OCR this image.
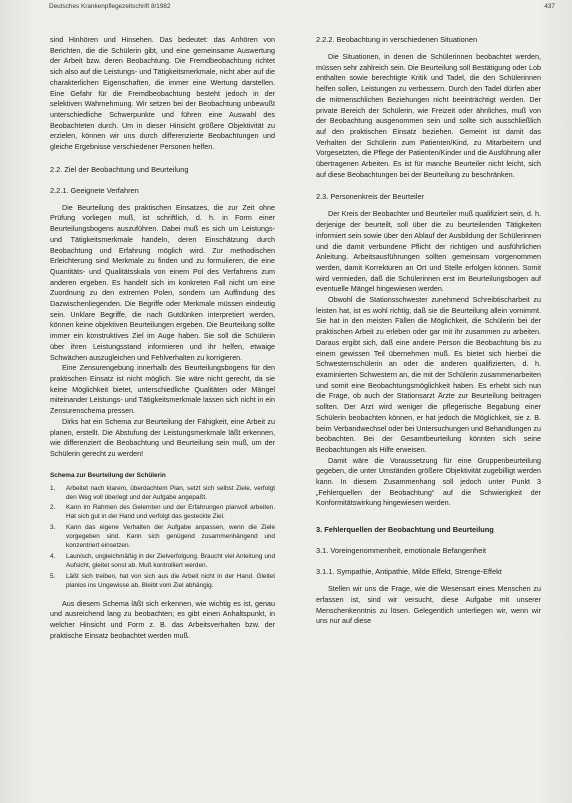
Deutsches Krankenpflegezeitschrift 8/1982	437

sind Hinhören und Hinsehen. Das bedeutet: das Anhören von Berichten, die die Schülerin gibt, und eine gemeinsame Auswertung der Arbeit bzw. deren Beobachtung. Die Fremdbeobachtung richtet sich also auf die Leistungs- und Tätigkeitsmerkmale, nicht aber auf die charakterlichen Eigenschaften, die immer eine Wertung darstellen. Eine Gefahr für die Fremdbeobachtung besteht jedoch in der selektiven Wahrnehmung. Wir setzen bei der Beobachtung unbewußt unterschiedliche Schwerpunkte und führen eine Auswahl des Beobachteten durch. Um in dieser Hinsicht größere Objektivität zu erzielen, können wir uns durch differenzierte Beobachtungen und gleiche Ergebnisse verschiedener Personen helfen.

2.2. Ziel der Beobachtung und Beurteilung
2.2.1. Geeignete Verfahren

Die Beurteilung des praktischen Einsatzes, die zur Zeit ohne Prüfung vorliegen muß, ist schriftlich, d. h. in Form einer Beurteilungsbogens auszuführen. Dabei muß es sich um Leistungs- und Tätigkeitsmerkmale handeln, deren Einschätzung durch Beobachtung und Erfahrung möglich wird. Zur methodischen Erleichterung sind Merkmale zu finden und zu formulieren, die eine Quantitäts- und Qualitätsskala von einem Pol des Verfahrens zum anderen ergeben. Es handelt sich im konkreten Fall nicht um eine Zuordnung zu den extremen Polen, sondern um Auffindung des Dazwischenliegenden. Die Begriffe oder Merkmale müssen eindeutig sein. Unklare Begriffe, die nach Gutdünken interpretiert werden, können keine objektiven Beurteilungen ergeben. Die Beurteilung sollte immer ein konstruktives Ziel im Auge haben. Sie soll die Schülerin über ihren Leistungsstand informieren und ihr helfen, etwaige Schwächen auszugleichen und Fehlverhalten zu korrigieren.

Eine Zensurengebung innerhalb des Beurteilungsbogens für den praktischen Einsatz ist nicht möglich. Sie wäre nicht gerecht, da sie keine Möglichkeit bietet, unterschiedliche Qualitäten oder Mängel miteinander Leistungs- und Tätigkeitsmerkmale lassen sich nicht in ein Zensurenschema pressen.

Dirks hat ein Schema zur Beurteilung der Fähigkeit, eine Arbeit zu planen, erstellt. Die Abstufung der Leistungsmerkmale läßt erkennen, wie differenziert die Beobachtung und Beurteilung sein muß, um der Schülerin gerecht zu werden!

Schema zur Beurteilung der Schülerin
1.	Arbeitet nach klarem, überdachtem Plan, setzt sich selbst Ziele, verfolgt den Weg voll überlegt und der Aufgabe angepaßt.
2.	Kann im Rahmen des Gelernten und der Erfahrungen planvoll arbeiten. Hat sich gut in der Hand und verfolgt das gesteckte Ziel.
3.	Kann das eigene Verhalten der Aufgabe anpassen, wenn die Ziele vorgegeben sind. Kann sich genügend zusammenhängend und konzentriert einsetzen.
4.	Launisch, ungleichmäßig in der Zielverfolgung. Braucht viel Anleitung und Aufsicht, gleitet sonst ab. Muß kontrolliert werden.
5.	Läßt sich treiben, hat von sich aus die Arbeit nicht in der Hand. Gleitet planlos ins Ungewisse ab. Bleibt vom Ziel abhängig.

Aus diesem Schema läßt sich erkennen, wie wichtig es ist, genau und ausreichend lang zu beobachten; es gibt einen Anhaltspunkt, in welcher Hinsicht und Form z. B. das Arbeitsverhalten bzw. der praktische Einsatz beobachtet werden muß.

2.2.2. Beobachtung in verschiedenen Situationen

Die Situationen, in denen die Schülerinnen beobachtet werden, müssen sehr zahlreich sein. Die Beurteilung soll Bestätigung oder Lob enthalten sowie berechtigte Kritik und Tadel, die den Schülerinnen helfen sollen, Leistungen zu verbessern. Durch den Tadel dürfen aber die mitmenschlichen Beziehungen nicht beeinträchtigt werden. Der private Bereich der Schülerin, wie Freizeit oder ähnliches, muß von der Beobachtung ausgenommen sein und sollte sich ausschließlich auf den praktischen Einsatz beziehen. Gemeint ist damit das Verhalten der Schülerin zum Patienten/Kind, zu Mitarbeitern und Vorgesetzten, die Pflege der Patienten/Kinder und die Ausführung aller übertragenen Arbeiten. Es ist für manche Beurteiler nicht leicht, sich auf diese Beobachtungen bei der Beurteilung zu beschränken.

2.3. Personenkreis der Beurteiler

Der Kreis der Beobachter und Beurteiler muß qualifiziert sein, d. h. derjenige der beurteilt, soll über die zu beurteilenden Tätigkeiten informiert sein sowie über den Ablauf der Ausbildung der Schülerinnen und die damit verbundene Pflicht der richtigen und ausführlichen Anleitung. Arbeitsausführungen sollten gemeinsam vorgenommen werden, damit Korrekturen an Ort und Stelle erfolgen können. Somit wird vermieden, daß die Schülerinnen erst im Beurteilungsbogen auf eventuelle Mängel hingewiesen werden.

Obwohl die Stationsschwester zunehmend Schreibtischarbeit zu leisten hat, ist es wohl richtig, daß sie die Beurteilung allein vornimmt. Sie hat in den meisten Fällen die Möglichkeit, die Schülerin bei der praktischen Arbeit zu erleben oder gar mit ihr zusammen zu arbeiten. Daraus ergibt sich, daß eine andere Person die Beobachtung bis zu einem gewissen Teil übernehmen muß. Es bietet sich hierbei die Schwesternschülerin an oder die anderen qualifizierten, d. h. examinierten Schwestern an, die mit der Schülerin zusammenarbeiten und somit eine Beobachtungsmöglichkeit haben. Es erhebt sich nun die Frage, ob auch der Stationsarzt Ärzte zur Beurteilung beitragen sollten. Der Arzt wird weniger die pflegerische Begabung einer Schülerin beobachten können, er hat jedoch die Möglichkeit, sie z. B. beim Verbandwechsel oder bei Untersuchungen und Behandlungen zu beobachten. Bei der Gesamtbeurteilung könnten sich seine Beobachtungen als Hilfe erweisen.

Damit wäre die Voraussetzung für eine Gruppenbeurteilung gegeben, die unter Umständen größere Objektivität zugebilligt werden kann. In diesem Zusammenhang soll jedoch unter Punkt 3 „Fehlerquellen der Beobachtung“ auf die Schwierigkeit der Konformitätswirkung hingewiesen werden.

3. Fehlerquellen der Beobachtung und Beurteilung
3.1. Voreingenommenheit, emotionale Befangenheit
3.1.1. Sympathie, Antipathie, Milde Effekt, Strenge-Effekt

Stellen wir uns die Frage, wie die Wesensart eines Menschen zu erfassen ist, sind wir versucht, diese Aufgabe mit unserer Menschenkenntnis zu lösen. Gelegentlich unterliegen wir, wenn wir uns nur auf diese
